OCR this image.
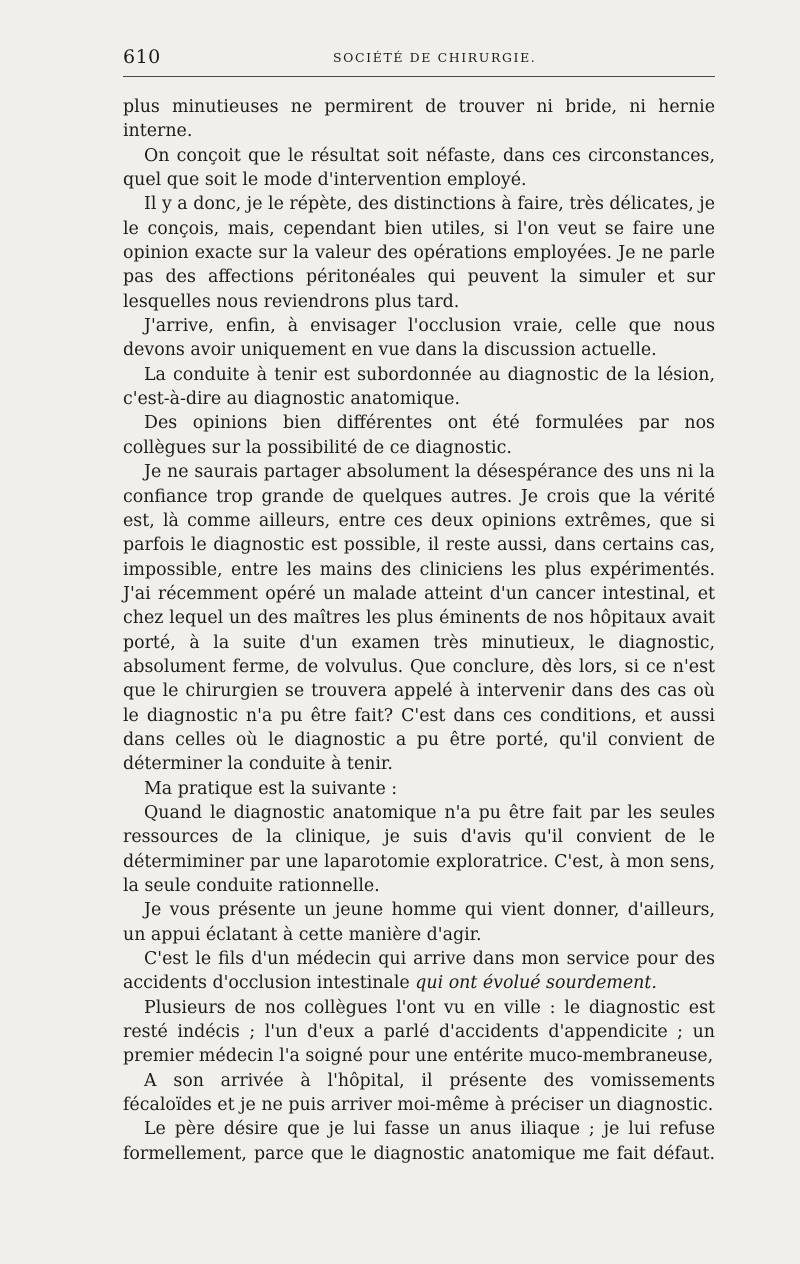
610	SOCIÉTÉ DE CHIRURGIE.

plus minutieuses ne permirent de trouver ni bride, ni hernie interne.

On conçoit que le résultat soit néfaste, dans ces circonstances, quel que soit le mode d'intervention employé.

Il y a donc, je le répète, des distinctions à faire, très délicates, je le conçois, mais, cependant bien utiles, si l'on veut se faire une opinion exacte sur la valeur des opérations employées. Je ne parle pas des affections péritonéales qui peuvent la simuler et sur lesquelles nous reviendrons plus tard.

J'arrive, enfin, à envisager l'occlusion vraie, celle que nous devons avoir uniquement en vue dans la discussion actuelle.

La conduite à tenir est subordonnée au diagnostic de la lésion, c'est-à-dire au diagnostic anatomique.

Des opinions bien différentes ont été formulées par nos collègues sur la possibilité de ce diagnostic.

Je ne saurais partager absolument la désespérance des uns ni la confiance trop grande de quelques autres. Je crois que la vérité est, là comme ailleurs, entre ces deux opinions extrêmes, que si parfois le diagnostic est possible, il reste aussi, dans certains cas, impossible, entre les mains des cliniciens les plus expérimentés. J'ai récemment opéré un malade atteint d'un cancer intestinal, et chez lequel un des maîtres les plus éminents de nos hôpitaux avait porté, à la suite d'un examen très minutieux, le diagnostic, absolument ferme, de volvulus. Que conclure, dès lors, si ce n'est que le chirurgien se trouvera appelé à intervenir dans des cas où le diagnostic n'a pu être fait? C'est dans ces conditions, et aussi dans celles où le diagnostic a pu être porté, qu'il convient de déterminer la conduite à tenir.

Ma pratique est la suivante :

Quand le diagnostic anatomique n'a pu être fait par les seules ressources de la clinique, je suis d'avis qu'il convient de le détermiminer par une laparotomie exploratrice. C'est, à mon sens, la seule conduite rationnelle.

Je vous présente un jeune homme qui vient donner, d'ailleurs, un appui éclatant à cette manière d'agir.

C'est le fils d'un médecin qui arrive dans mon service pour des accidents d'occlusion intestinale qui ont évolué sourdement.

Plusieurs de nos collègues l'ont vu en ville : le diagnostic est resté indécis ; l'un d'eux a parlé d'accidents d'appendicite ; un premier médecin l'a soigné pour une entérite muco-membraneuse,

A son arrivée à l'hôpital, il présente des vomissements fécaloïdes et je ne puis arriver moi-même à préciser un diagnostic.

Le père désire que je lui fasse un anus iliaque ; je lui refuse formellement, parce que le diagnostic anatomique me fait défaut.
